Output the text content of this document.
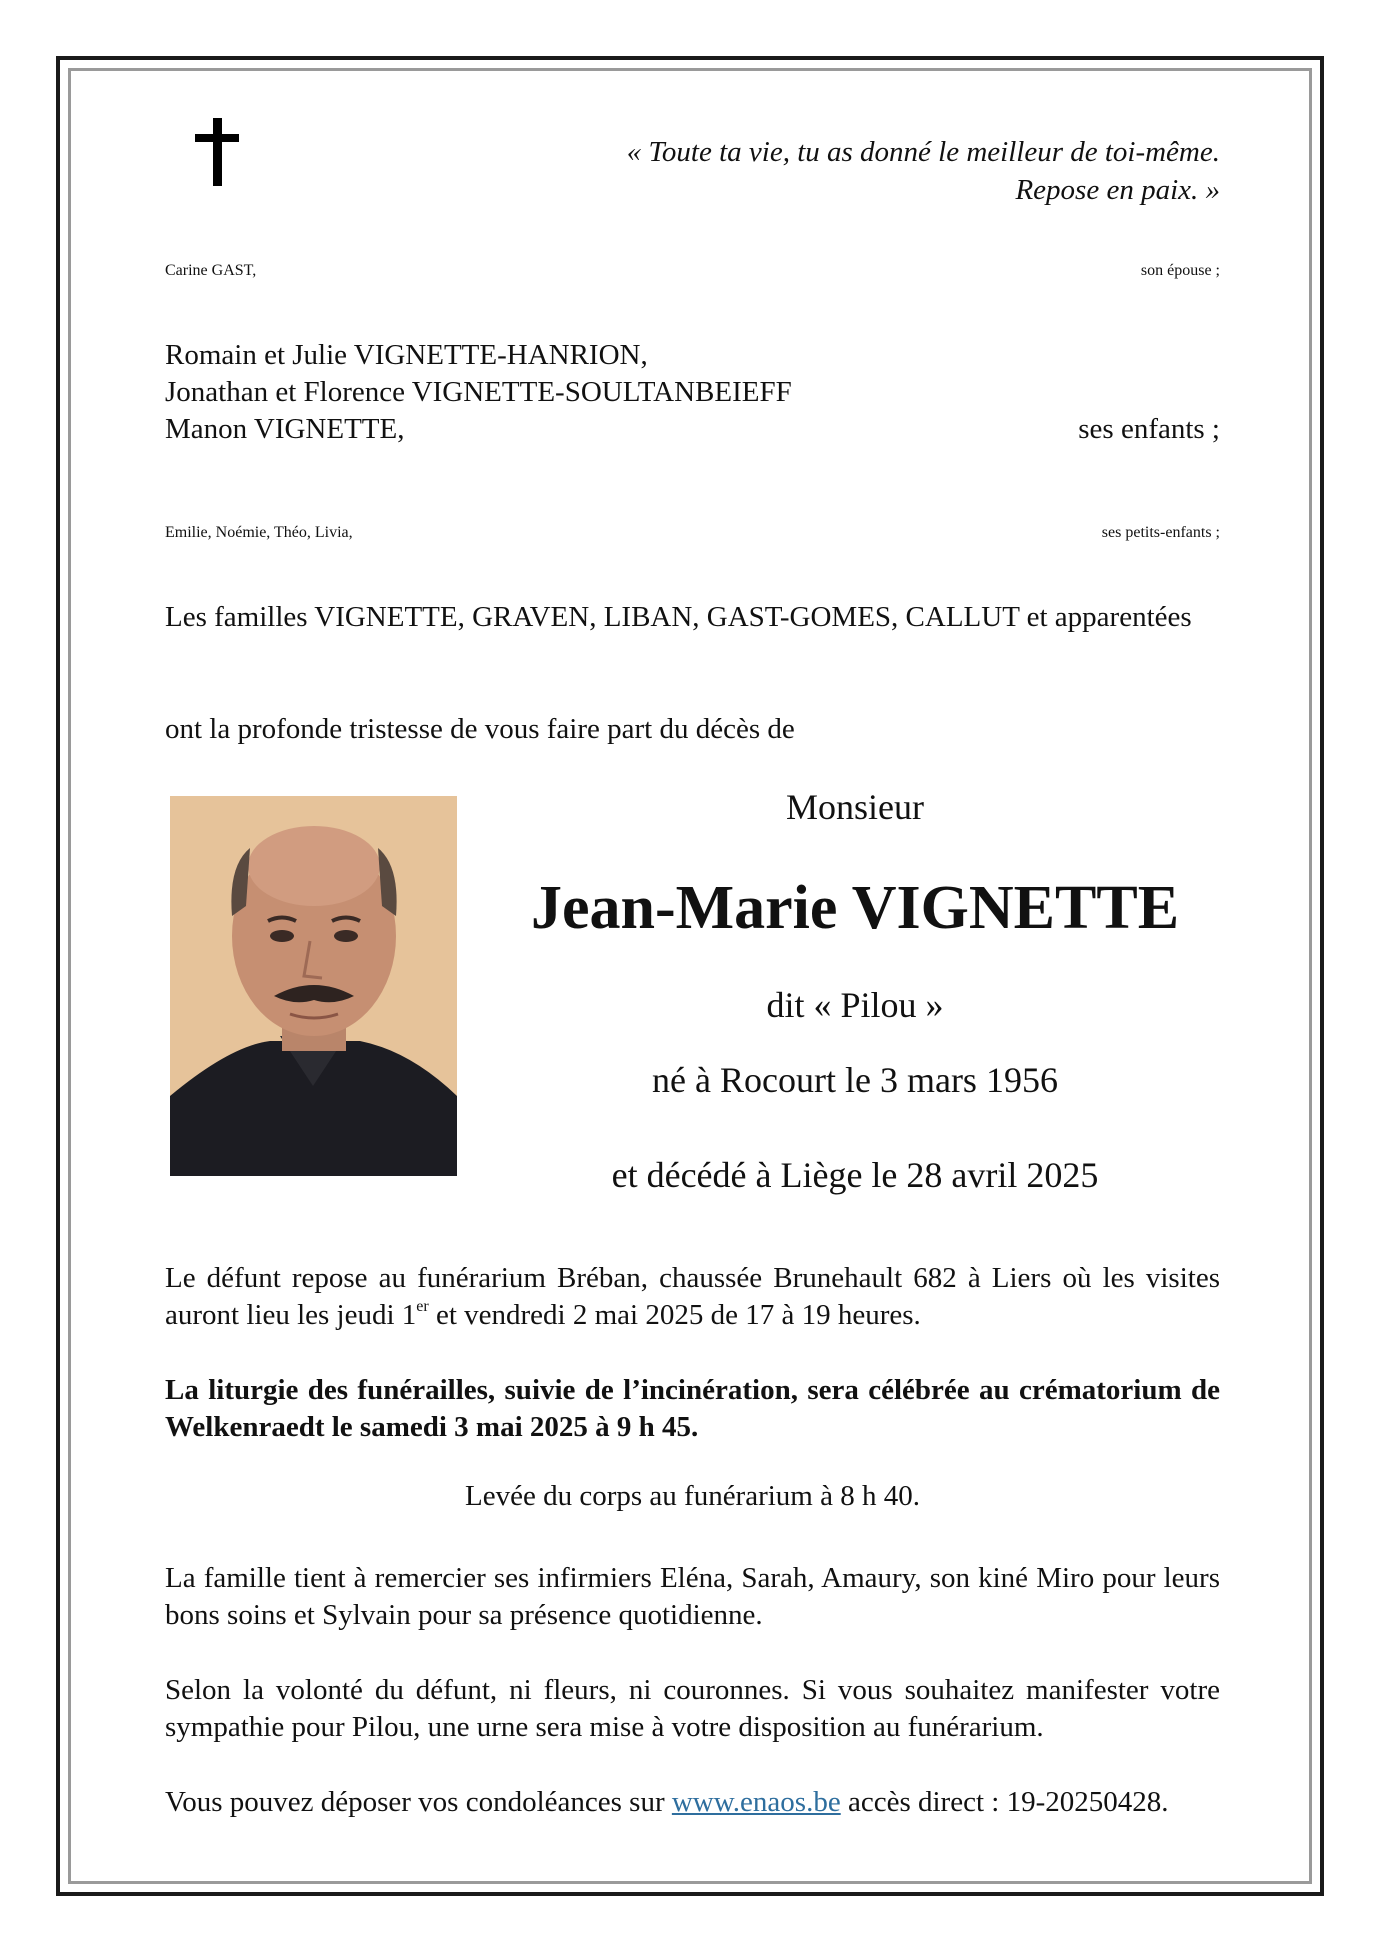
« Toute ta vie, tu as donné le meilleur de toi-même.
Repose en paix. »
Carine GAST,	son épouse ;
Romain et Julie VIGNETTE-HANRION,
Jonathan et Florence VIGNETTE-SOULTANBEIEFF
Manon VIGNETTE,	ses enfants ;
Emilie, Noémie, Théo, Livia,	ses petits-enfants ;
Les familles VIGNETTE, GRAVEN, LIBAN, GAST-GOMES, CALLUT et apparentées
ont la profonde tristesse de vous faire part du décès de
Monsieur
Jean-Marie VIGNETTE
dit « Pilou »
né à Rocourt le 3 mars 1956
et décédé à Liège le 28 avril 2025
Le défunt repose au funérarium Bréban, chaussée Brunehault 682 à Liers où les visites auront lieu les jeudi 1er et vendredi 2 mai 2025 de 17 à 19 heures.
La liturgie des funérailles, suivie de l’incinération, sera célébrée au crématorium de Welkenraedt le samedi 3 mai 2025 à 9 h 45.
Levée du corps au funérarium à 8 h 40.
La famille tient à remercier ses infirmiers Eléna, Sarah, Amaury, son kiné Miro pour leurs bons soins et Sylvain pour sa présence quotidienne.
Selon la volonté du défunt, ni fleurs, ni couronnes. Si vous souhaitez manifester votre sympathie pour Pilou, une urne sera mise à votre disposition au funérarium.
Vous pouvez déposer vos condoléances sur www.enaos.be accès direct : 19-20250428.
